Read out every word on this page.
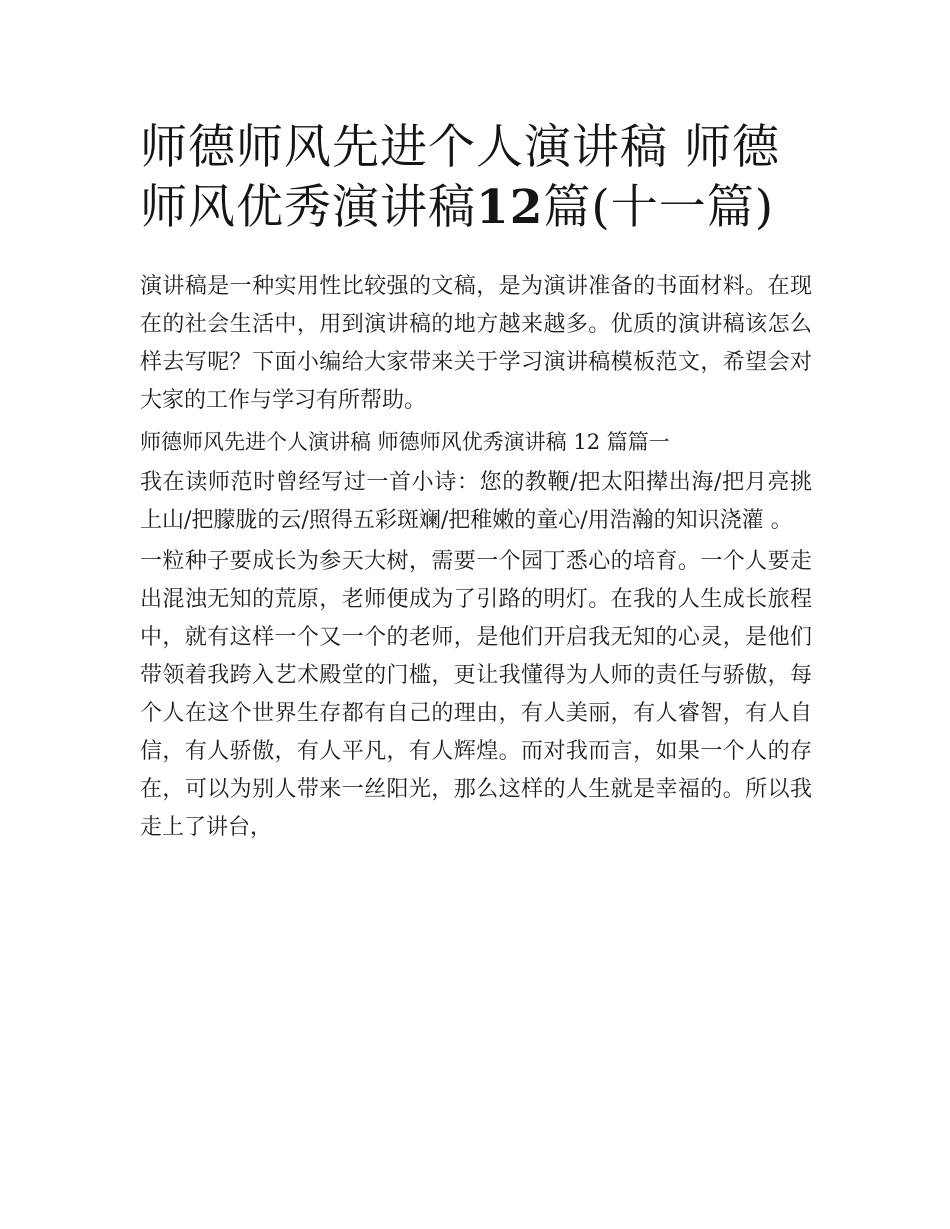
师德师风先进个人演讲稿 师德
师风优秀演讲稿12篇(十一篇)

演讲稿是一种实用性比较强的文稿，是为演讲准备的书面材料。在现在的社会生活中，用到演讲稿的地方越来越多。优质的演讲稿该怎么样去写呢？下面小编给大家带来关于学习演讲稿模板范文，希望会对大家的工作与学习有所帮助。

师德师风先进个人演讲稿 师德师风优秀演讲稿 12 篇篇一

我在读师范时曾经写过一首小诗：您的教鞭/把太阳撵出海/把月亮挑上山/把朦胧的云/照得五彩斑斓/把稚嫩的童心/用浩瀚的知识浇灌 。

一粒种子要成长为参天大树，需要一个园丁悉心的培育。一个人要走出混浊无知的荒原，老师便成为了引路的明灯。在我的人生成长旅程中，就有这样一个又一个的老师，是他们开启我无知的心灵，是他们带领着我跨入艺术殿堂的门槛，更让我懂得为人师的责任与骄傲，每个人在这个世界生存都有自己的理由，有人美丽，有人睿智，有人自信，有人骄傲，有人平凡，有人辉煌。而对我而言，如果一个人的存在，可以为别人带来一丝阳光，那么这样的人生就是幸福的。所以我走上了讲台，
